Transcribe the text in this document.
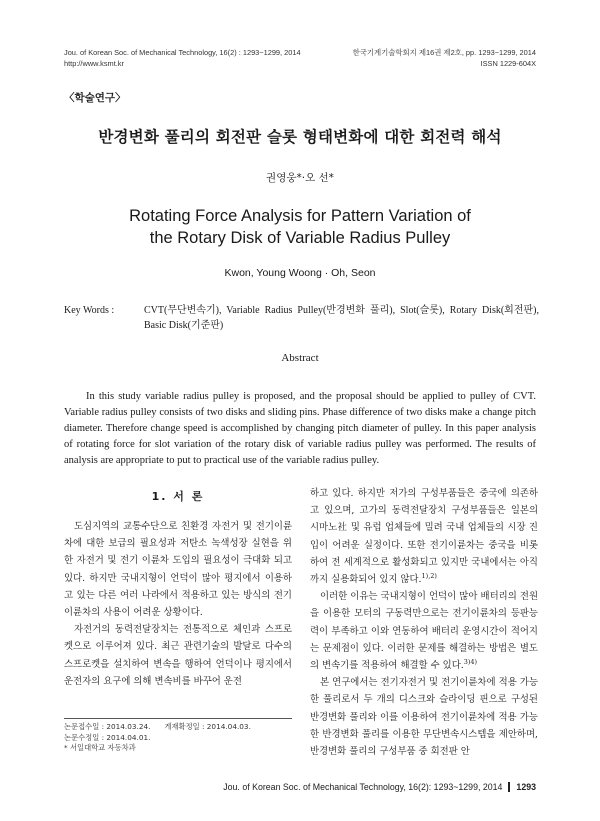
Jou. of Korean Soc. of Mechanical Technology, 16(2) : 1293~1299, 2014
http://www.ksmt.kr
한국기계기술학회지 제16권 제2호, pp. 1293~1299, 2014
ISSN 1229-604X
〈학술연구〉
반경변화 풀리의 회전판 슬롯 형태변화에 대한 회전력 해석
권영웅*·오 선*
Rotating Force Analysis for Pattern Variation of
the Rotary Disk of Variable Radius Pulley
Kwon, Young Woong · Oh, Seon
Key Words :	CVT(무단변속기), Variable Radius Pulley(반경변화 풀리), Slot(슬롯), Rotary Disk(회전판), Basic Disk(기준판)
Abstract

In this study variable radius pulley is proposed, and the proposal should be applied to pulley of CVT. Variable radius pulley consists of two disks and sliding pins. Phase difference of two disks make a change pitch diameter. Therefore change speed is accomplished by changing pitch diameter of pulley. In this paper analysis of rotating force for slot variation of the rotary disk of variable radius pulley was performed. The results of analysis are appropriate to put to practical use of the variable radius pulley.

1. 서 론

도심지역의 교통수단으로 친환경 자전거 및 전기이륜차에 대한 보급의 필요성과 저탄소 녹색성장 실현을 위한 자전거 및 전기 이륜차 도입의 필요성이 극대화 되고 있다. 하지만 국내지형이 언덕이 많아 평지에서 이용하고 있는 다른 여러 나라에서 적용하고 있는 방식의 전기이륜차의 사용이 어려운 상황이다.

자전거의 동력전달장치는 전통적으로 체인과 스프로켓으로 이루어져 있다. 최근 관련기술의 발달로 다수의 스프로켓을 설치하여 변속을 행하여 언덕이나 평지에서 운전자의 요구에 의해 변속비를 바꾸어 운전

하고 있다. 하지만 저가의 구성부품들은 중국에 의존하고 있으며, 고가의 동력전달장치 구성부품들은 일본의 시마노社 및 유럽 업체들에 밀려 국내 업체들의 시장 진입이 어려운 실정이다. 또한 전기이륜차는 중국을 비롯하여 전 세계적으로 활성화되고 있지만 국내에서는 아직까지 실용화되어 있지 않다.$^{1),2)}$

이러한 이유는 국내지형이 언덕이 많아 배터리의 전원을 이용한 모터의 구동력만으로는 전기이륜차의 등판능력이 부족하고 이와 연동하여 배터리 운영시간이 적어지는 문제점이 있다. 이러한 문제를 해결하는 방법은 별도의 변속기를 적용하여 해결할 수 있다.$^{3)4)}$

본 연구에서는 전기자전거 및 전기이륜차에 적용 가능한 풀리로서 두 개의 디스크와 슬라이딩 핀으로 구성된 반경변화 풀리와 이를 이용하여 전기이륜차에 적용 가능한 반경변화 풀리를 이용한 무단변속시스템을 제안하며, 반경변화 풀리의 구성부품 중 회전판 안

논문접수일 : 2014.03.24. 게재확정일 : 2014.04.03.
논문수정일 : 2014.04.01.
* 서일대학교 자동차과
Jou. of Korean Soc. of Mechanical Technology, 16(2): 1293~1299, 2014 1293
